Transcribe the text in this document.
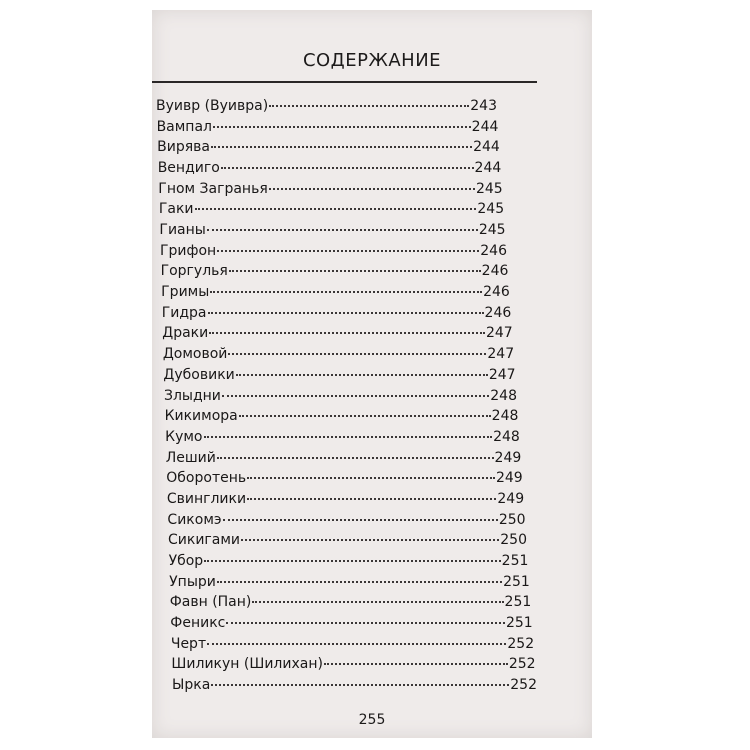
СОДЕРЖАНИЕ
Вуивр (Вуивра)	243
Вампал	244
Вирява	244
Вендиго	244
Гном Загранья	245
Гаки	245
Гианы	245
Грифон	246
Горгулья	246
Гримы	246
Гидра	246
Драки	247
Домовой	247
Дубовики	247
Злыдни	248
Кикимора	248
Кумо	248
Леший	249
Оборотень	249
Свинглики	249
Сикомэ	250
Сикигами	250
Убор	251
Упыри	251
Фавн (Пан)	251
Феникс	251
Черт	252
Шиликун (Шилихан)	252
Ырка	252
255
